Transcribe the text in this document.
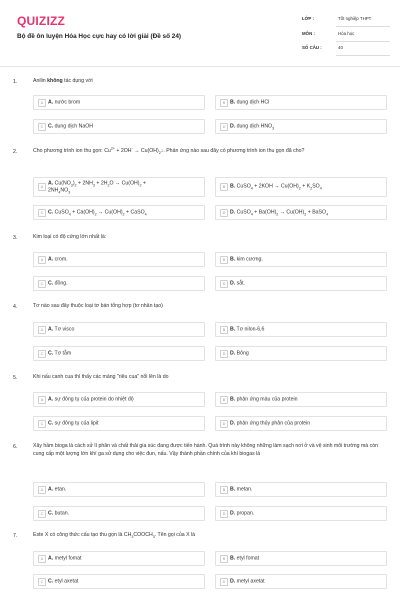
QUIZIZZ
Bộ đề ôn luyện Hóa Học cực hay có lời giải (Đề số 24)
LỚP :	Tốt nghiệp THPT
MÔN :	Hóa học
SỐ CÂU :	40
1.	Anilin không tác dụng với
A A. nước brom	B B. dung dịch HCl
C C. dung dịch NaOH	D D. dung dịch $HNO_3$
2.	Cho phương trình ion thu gọn: $Cu^{2+} + 2OH^-$ → $Cu(OH)_2↓$. Phản ứng nào sau đây có phương trình ion thu gọn đã cho?
A
A. $Cu(NO_3)_2 + 2NH_3 + 2H_2O \to Cu(OH)_2$ +
$2NH_4NO_3$
B B. CuSO$_4$ + $2KOH \to Cu(OH)_2 + K_2SO_4$
C C. CuSO$_4$ + $Ca(OH)_2 \to Cu(OH)_2$ + CaSO$_4$	D D. CuSO$_4$ + $Ba(OH)_2 \to Cu(OH)_2$ + BaSO$_4$
3.	Kim loại có độ cứng lớn nhất là:
A A. crom.	B B. kim cương.
C C. đồng.	D D. sắt.
4.	Tơ nào sau đây thuộc loại tơ bán tổng hợp (tơ nhân tạo)
A A. Tơ visco	B B. Tơ nilon-6,6
C C. Tơ tằm	D D. Bông
5.	Khi nấu canh cua thì thấy các mảng "riêu cua" nổi lên là do
A A. sự đông tụ của protein do nhiệt độ	B B. phản ứng màu của protein
C C. sự đông tụ của lipit	D D. phản ứng thủy phân của protein
6.	Xây hầm bioga là cách xử lí phân và chất thải gia súc đang được tiến hành. Quá trình này không những làm sạch nơi ở và vệ sinh môi trường mà còn cung cấp một lượng lớn khí ga sử dụng cho việc đun, nấu. Vậy thành phần chính của khí biogas là
A A. etan.	B B. metan.
C C. butan.	D D. propan.
7.	Este X có công thức cấu tạo thu gọn là $CH_3COOCH_3$. Tên gọi của X là
A A. metyl fomat	B B. etyl fomat
C C. etyl axetat	D D. metyl axetat
